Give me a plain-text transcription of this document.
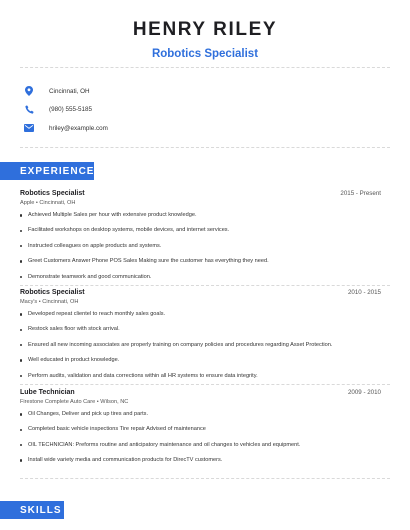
HENRY RILEY
Robotics Specialist
Cincinnati, OH
(980) 555-5185
hriley@example.com
EXPERIENCE
Robotics Specialist	2015 - Present
Apple • Cincinnati, OH
Achieved Multiple Sales per hour with extensive product knowledge.
Facilitated workshops on desktop systems, mobile devices, and internet services.
Instructed colleagues on apple products and systems.
Greet Customers Answer Phone POS Sales Making sure the customer has everything they need.
Demonstrate teamwork and good communication.
Robotics Specialist	2010 - 2015
Macy's • Cincinnati, OH
Developed repeat clientel to reach monthly sales goals.
Restock sales floor with stock arrival.
Ensured all new incoming associates are properly training on company policies and procedures regarding Asset Protection.
Well educated in product knowledge.
Perform audits, validation and data corrections within all HR systems to ensure data integrity.
Lube Technician	2009 - 2010
Firestone Complete Auto Care • Wilson, NC
Oil Changes, Deliver and pick up tires and parts.
Completed basic vehicle inspections Tire repair Advised of maintenance
OIL TECHNICIAN: Preforms routine and anticipatory maintenance and oil changes to vehicles and equipment.
Install wide variety media and communication products for DirecTV customers.
SKILLS
